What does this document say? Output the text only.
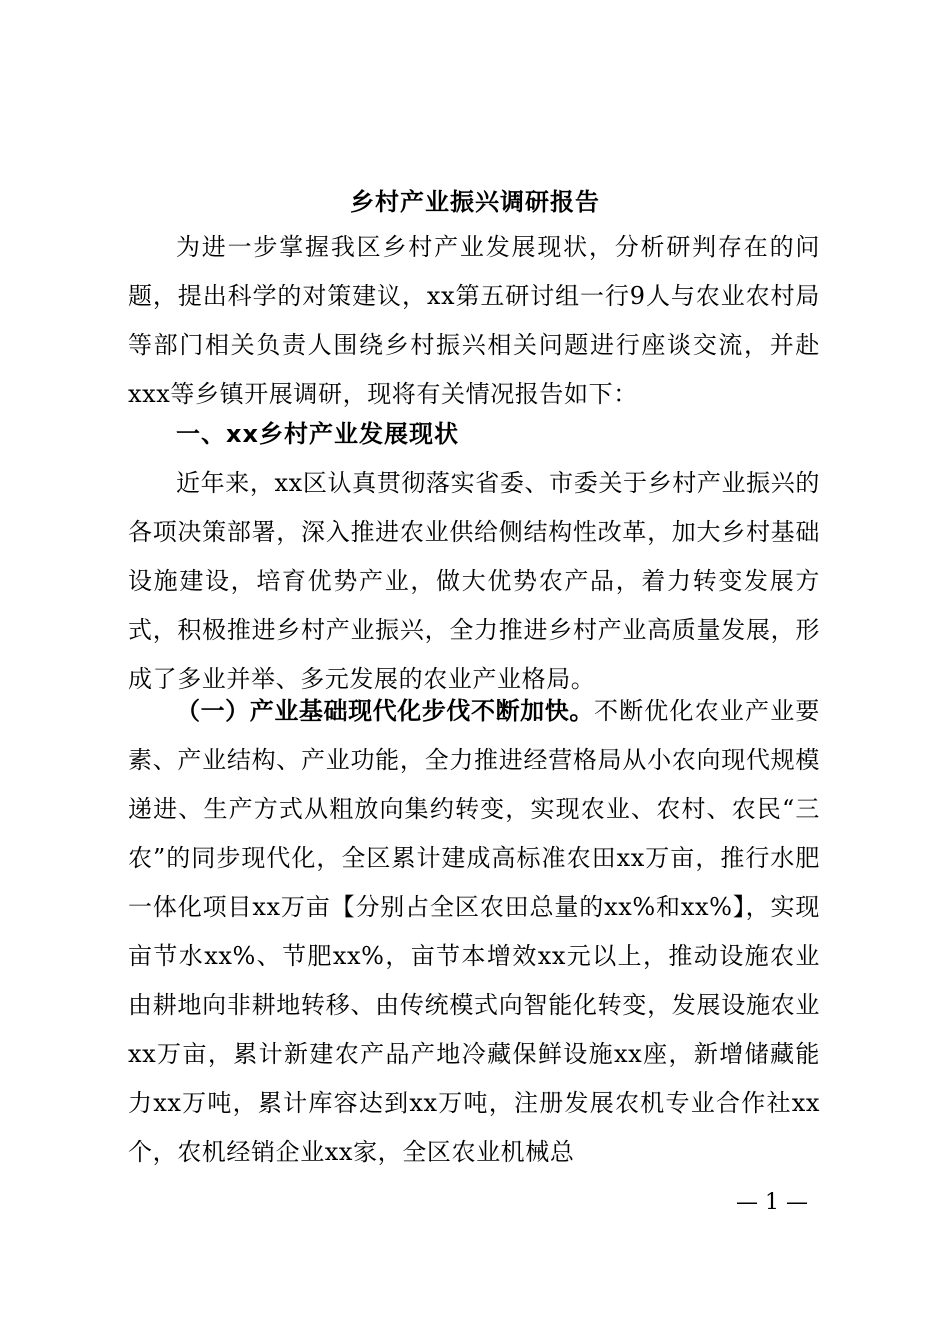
乡村产业振兴调研报告

为进一步掌握我区乡村产业发展现状，分析研判存在的问题，提出科学的对策建议，xx第五研讨组一行9人与农业农村局等部门相关负责人围绕乡村振兴相关问题进行座谈交流，并赴xxx等乡镇开展调研，现将有关情况报告如下：

一、xx乡村产业发展现状

近年来，xx区认真贯彻落实省委、市委关于乡村产业振兴的各项决策部署，深入推进农业供给侧结构性改革，加大乡村基础设施建设，培育优势产业，做大优势农产品，着力转变发展方式，积极推进乡村产业振兴，全力推进乡村产业高质量发展，形成了多业并举、多元发展的农业产业格局。

（一）产业基础现代化步伐不断加快。不断优化农业产业要素、产业结构、产业功能，全力推进经营格局从小农向现代规模递进、生产方式从粗放向集约转变，实现农业、农村、农民“三农”的同步现代化，全区累计建成高标准农田xx万亩，推行水肥一体化项目xx万亩【分别占全区农田总量的xx%和xx%】，实现亩节水xx%、节肥xx%，亩节本增效xx元以上，推动设施农业由耕地向非耕地转移、由传统模式向智能化转变，发展设施农业xx万亩，累计新建农产品产地冷藏保鲜设施xx座，新增储藏能力xx万吨，累计库容达到xx万吨，注册发展农机专业合作社xx个，农机经销企业xx家，全区农业机械总

— 1 —
